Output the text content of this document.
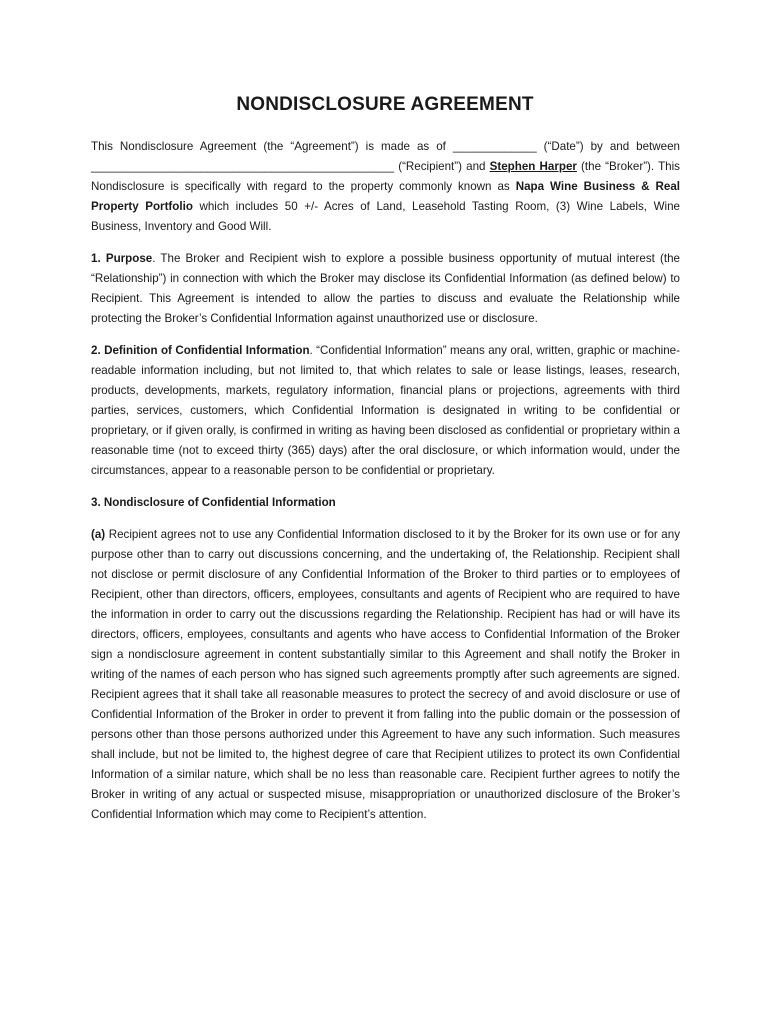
NONDISCLOSURE AGREEMENT

This Nondisclosure Agreement (the “Agreement”) is made as of _____________ (“Date”) by and between _______________________________________________ (“Recipient”) and Stephen Harper (the “Broker”). This Nondisclosure is specifically with regard to the property commonly known as Napa Wine Business & Real Property Portfolio which includes 50 +/- Acres of Land, Leasehold Tasting Room, (3) Wine Labels, Wine Business, Inventory and Good Will.

1. Purpose. The Broker and Recipient wish to explore a possible business opportunity of mutual interest (the “Relationship”) in connection with which the Broker may disclose its Confidential Information (as defined below) to Recipient. This Agreement is intended to allow the parties to discuss and evaluate the Relationship while protecting the Broker’s Confidential Information against unauthorized use or disclosure.

2. Definition of Confidential Information. “Confidential Information” means any oral, written, graphic or machine-readable information including, but not limited to, that which relates to sale or lease listings, leases, research, products, developments, markets, regulatory information, financial plans or projections, agreements with third parties, services, customers, which Confidential Information is designated in writing to be confidential or proprietary, or if given orally, is confirmed in writing as having been disclosed as confidential or proprietary within a reasonable time (not to exceed thirty (365) days) after the oral disclosure, or which information would, under the circumstances, appear to a reasonable person to be confidential or proprietary.

3. Nondisclosure of Confidential Information

(a) Recipient agrees not to use any Confidential Information disclosed to it by the Broker for its own use or for any purpose other than to carry out discussions concerning, and the undertaking of, the Relationship. Recipient shall not disclose or permit disclosure of any Confidential Information of the Broker to third parties or to employees of Recipient, other than directors, officers, employees, consultants and agents of Recipient who are required to have the information in order to carry out the discussions regarding the Relationship. Recipient has had or will have its directors, officers, employees, consultants and agents who have access to Confidential Information of the Broker sign a nondisclosure agreement in content substantially similar to this Agreement and shall notify the Broker in writing of the names of each person who has signed such agreements promptly after such agreements are signed. Recipient agrees that it shall take all reasonable measures to protect the secrecy of and avoid disclosure or use of Confidential Information of the Broker in order to prevent it from falling into the public domain or the possession of persons other than those persons authorized under this Agreement to have any such information. Such measures shall include, but not be limited to, the highest degree of care that Recipient utilizes to protect its own Confidential Information of a similar nature, which shall be no less than reasonable care. Recipient further agrees to notify the Broker in writing of any actual or suspected misuse, misappropriation or unauthorized disclosure of the Broker’s Confidential Information which may come to Recipient’s attention.
